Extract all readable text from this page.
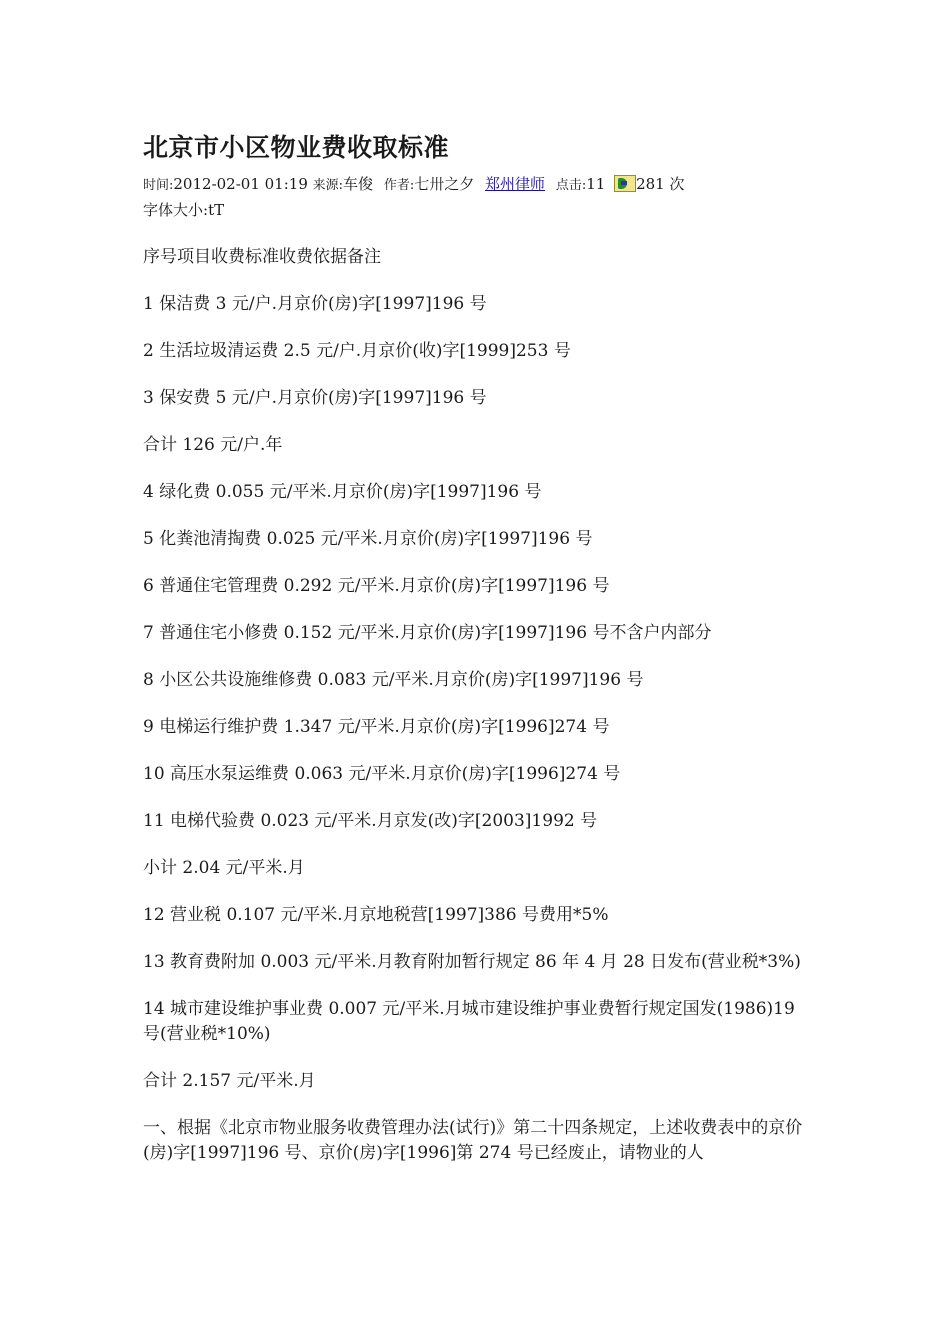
北京市小区物业费收取标准
时间:2012-02-01 01:19 来源:车俊 作者:七卅之夕 郑州律师 点击:11 281 次
字体大小:tT

序号项目收费标准收费依据备注

1 保洁费 3 元/户.月京价(房)字[1997]196 号

2 生活垃圾清运费 2.5 元/户.月京价(收)字[1999]253 号

3 保安费 5 元/户.月京价(房)字[1997]196 号

合计 126 元/户.年

4 绿化费 0.055 元/平米.月京价(房)字[1997]196 号

5 化粪池清掏费 0.025 元/平米.月京价(房)字[1997]196 号

6 普通住宅管理费 0.292 元/平米.月京价(房)字[1997]196 号

7 普通住宅小修费 0.152 元/平米.月京价(房)字[1997]196 号不含户内部分

8 小区公共设施维修费 0.083 元/平米.月京价(房)字[1997]196 号

9 电梯运行维护费 1.347 元/平米.月京价(房)字[1996]274 号

10 高压水泵运维费 0.063 元/平米.月京价(房)字[1996]274 号

11 电梯代验费 0.023 元/平米.月京发(改)字[2003]1992 号

小计 2.04 元/平米.月

12 营业税 0.107 元/平米.月京地税营[1997]386 号费用*5%

13 教育费附加 0.003 元/平米.月教育附加暂行规定 86 年 4 月 28 日发布(营业税*3%)

14 城市建设维护事业费 0.007 元/平米.月城市建设维护事业费暂行规定国发(1986)19 号(营业税*10%)

合计 2.157 元/平米.月

一、根据《北京市物业服务收费管理办法(试行)》第二十四条规定，上述收费表中的京价(房)字[1997]196 号、京价(房)字[1996]第 274 号已经废止，请物业的人
